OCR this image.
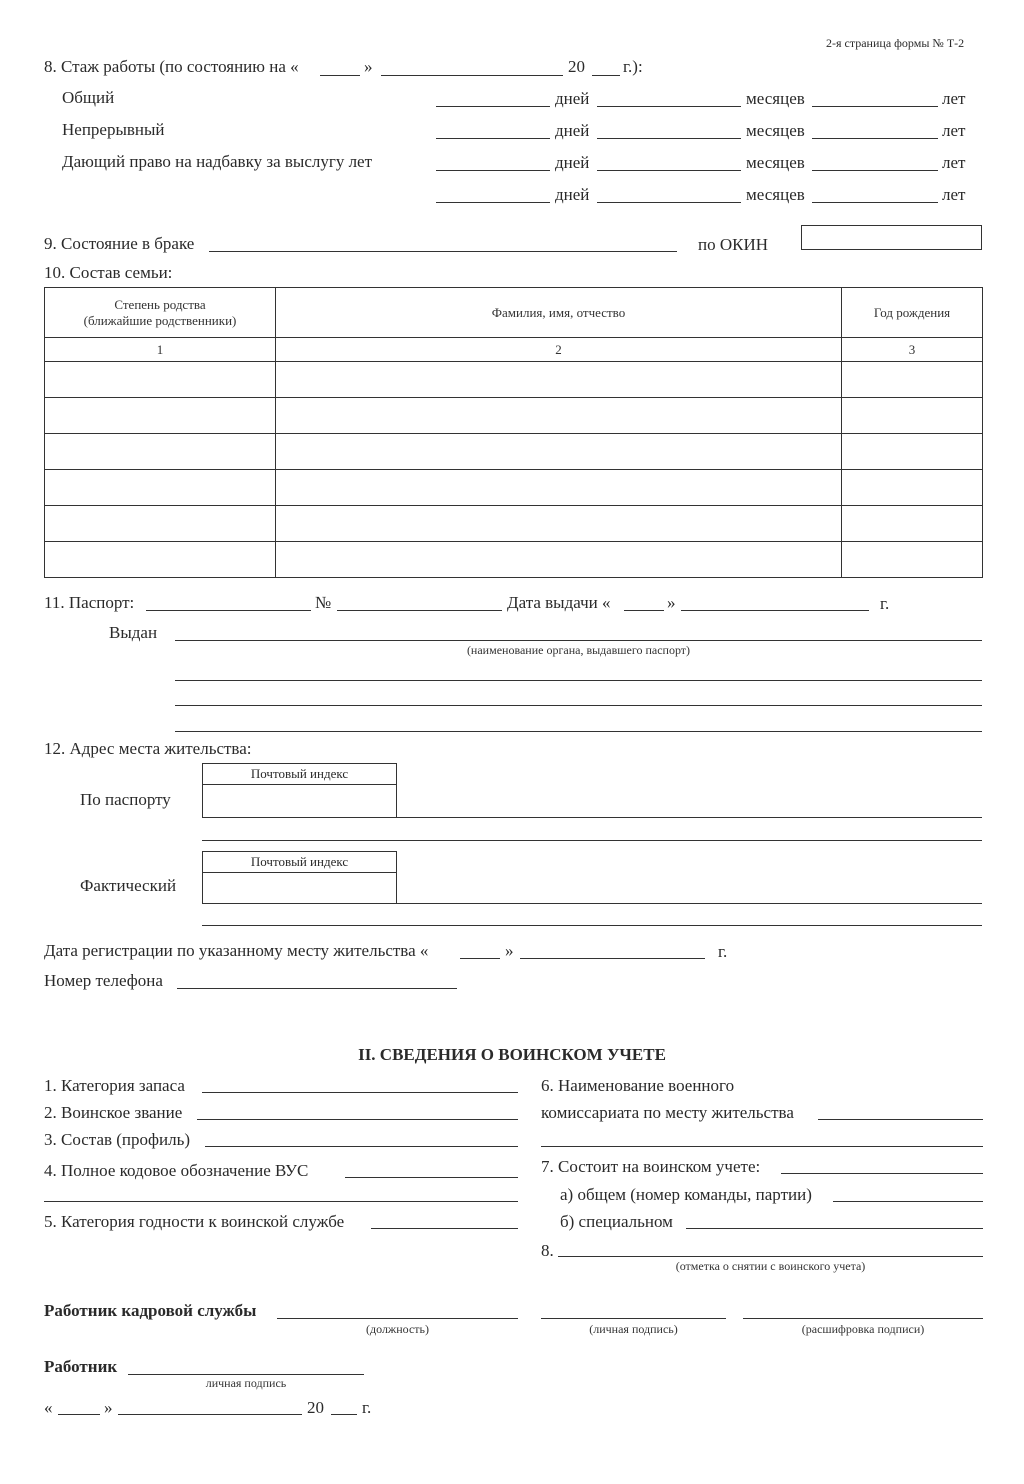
2-я страница формы № Т-2
8. Стаж работы (по состоянию на «	»	20 г.):
Общий	дней	месяцев	лет
Непрерывный	дней	месяцев	лет
Дающий право на надбавку за выслугу лет	дней	месяцев	лет
дней	месяцев	лет
9. Состояние в браке	по ОКИН
10. Состав семьи:
Степень родства
(ближайшие родственники)	Фамилия, имя, отчество	Год рождения
1	2	3

11. Паспорт:	№	Дата выдачи «	»	г.
Выдан
(наименование органа, выдавшего паспорт)
12. Адрес места жительства:
Почтовый индекс
По паспорту
Почтовый индекс
Фактический
Дата регистрации по указанному месту жительства «	»	г.
Номер телефона
II. СВЕДЕНИЯ О ВОИНСКОМ УЧЕТЕ
1. Категория запаса
2. Воинское звание
3. Состав (профиль)
4. Полное кодовое обозначение ВУС
5. Категория годности к воинской службе
6. Наименование военного
комиссариата по месту жительства
7. Состоит на воинском учете:
а) общем (номер команды, партии)
б) специальном
8.
(отметка о снятии с воинского учета)
Работник кадровой службы
(должность)	(личная подпись)	(расшифровка подписи)
Работник
личная подпись
«	»	20 г.
